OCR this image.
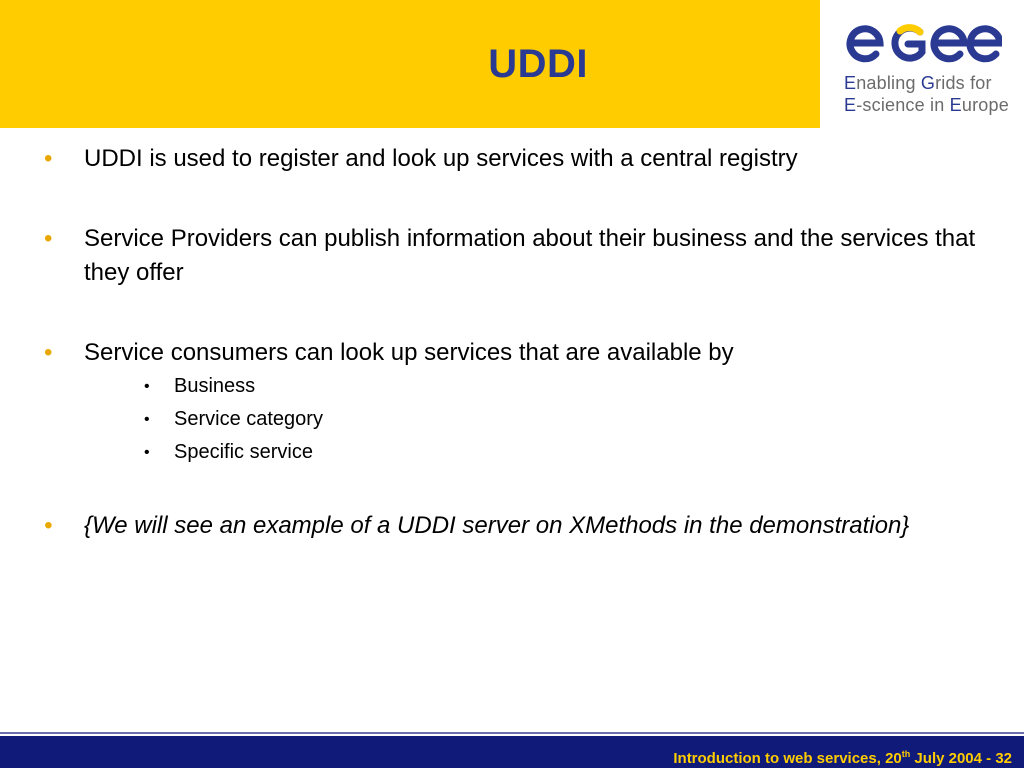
UDDI	Enabling Grids for
E-science in Europe
• UDDI is used to register and look up services with a central registry
• Service Providers can publish information about their business and the services that they offer
• Service consumers can look up services that are available by
• Business
• Service category
• Specific service
• {We will see an example of a UDDI server on XMethods in the demonstration}
Introduction to web services, 20th July 2004 - 32
